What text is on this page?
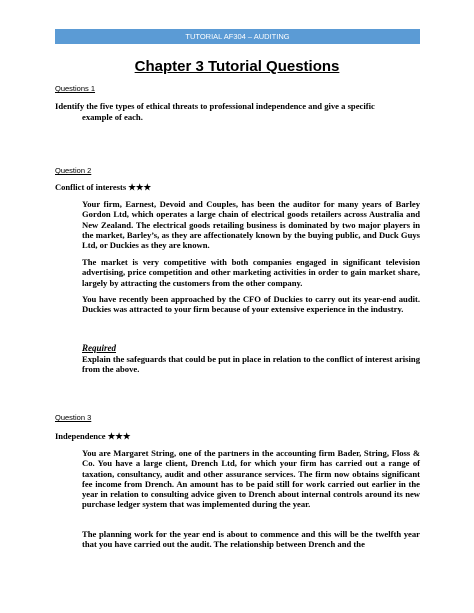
TUTORIAL AF304 – AUDITING
Chapter 3 Tutorial Questions
Questions 1
Identify the five types of ethical threats to professional independence and give a specific
example of each.
Question 2
Conflict of interests ★★★

Your firm, Earnest, Devoid and Couples, has been the auditor for many years of Barley Gordon Ltd, which operates a large chain of electrical goods retailers across Australia and New Zealand. The electrical goods retailing business is dominated by two major players in the market, Barley’s, as they are affectionately known by the buying public, and Duck Guys Ltd, or Duckies as they are known.

The market is very competitive with both companies engaged in significant television advertising, price competition and other marketing activities in order to gain market share, largely by attracting the customers from the other company.

You have recently been approached by the CFO of Duckies to carry out its year-end audit. Duckies was attracted to your firm because of your extensive experience in the industry.

Required

Explain the safeguards that could be put in place in relation to the conflict of interest arising from the above.

Question 3
Independence ★★★

You are Margaret String, one of the partners in the accounting firm Bader, String, Floss & Co. You have a large client, Drench Ltd, for which your firm has carried out a range of taxation, consultancy, audit and other assurance services. The firm now obtains significant fee income from Drench. An amount has to be paid still for work carried out earlier in the year in relation to consulting advice given to Drench about internal controls around its new purchase ledger system that was implemented during the year.

The planning work for the year end is about to commence and this will be the twelfth year that you have carried out the audit. The relationship between Drench and the
